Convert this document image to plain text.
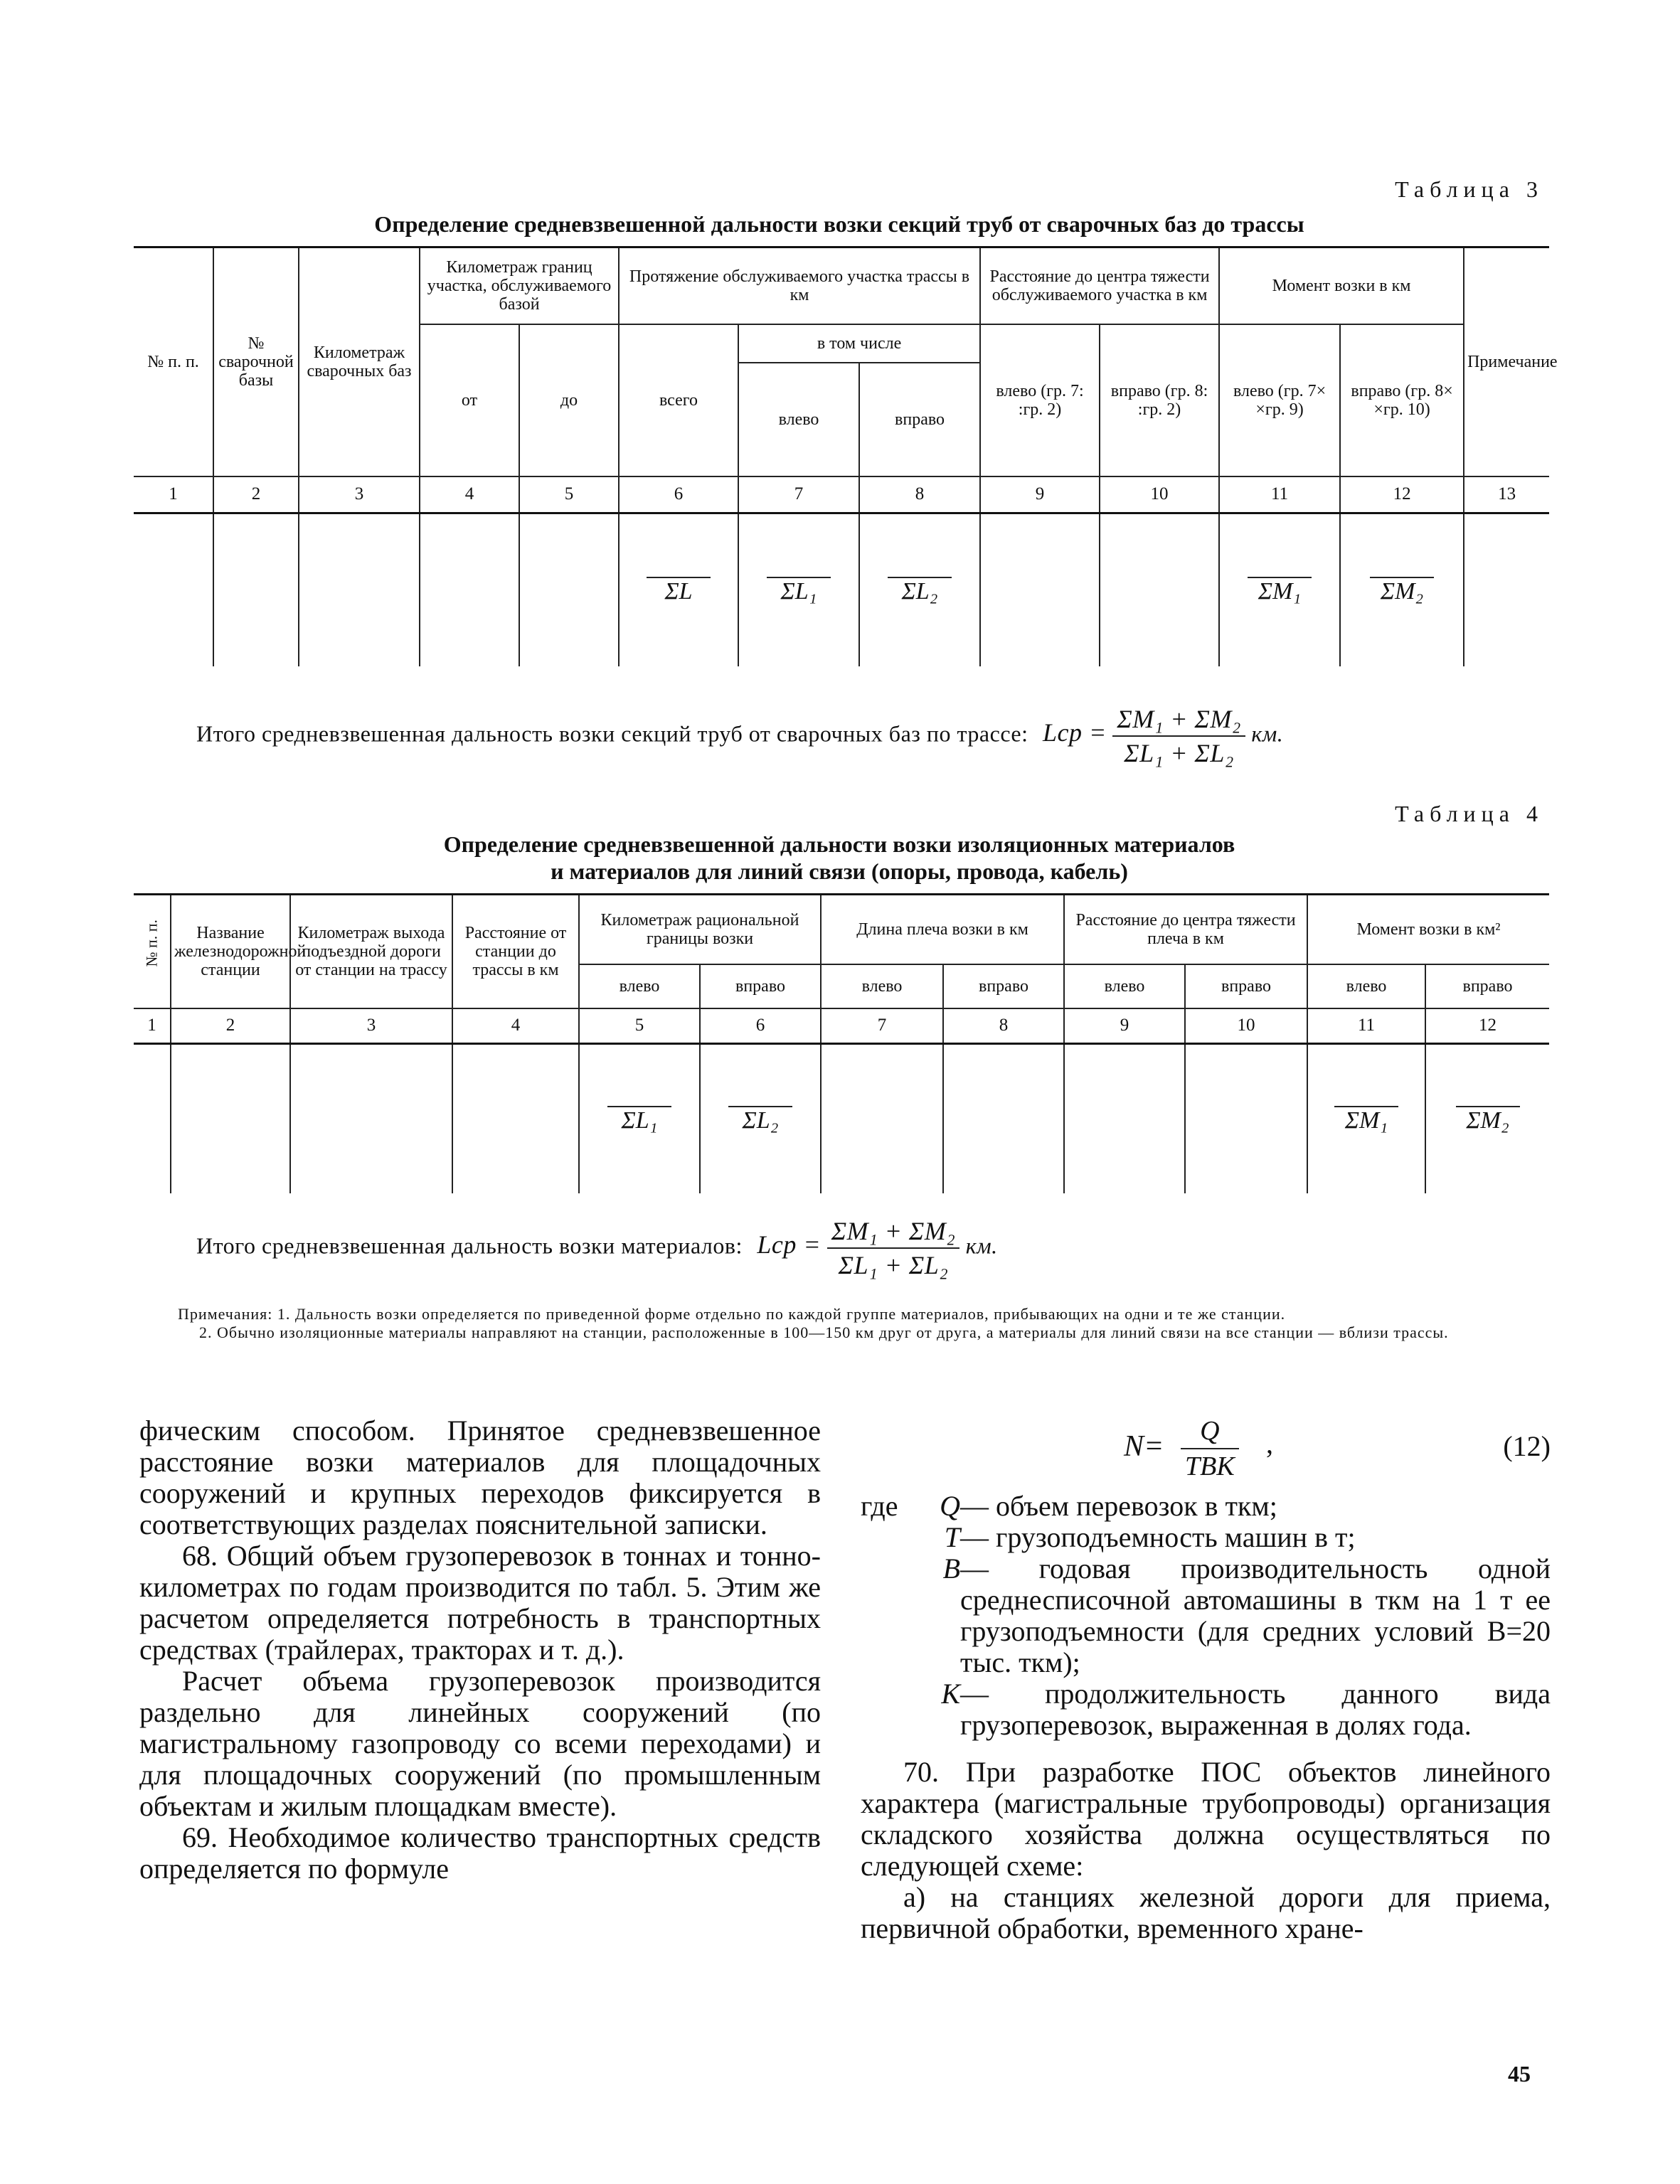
Таблица 3
Определение средневзвешенной дальности возки секций труб от сварочных баз до трассы
№ п. п.	№ сварочной базы	Километраж сварочных баз	Километраж границ участка, обслуживаемого базой		Протяжение обслуживаемого участка трассы в км			Расстояние до центра тяжести обслуживаемого участка в км		Момент возки в км		Примечание
			от	до	всего	в том числе		влево (гр. 7: :гр. 2)	вправо (гр. 8: :гр. 2)	влево (гр. 7× ×гр. 9)	вправо (гр. 8× ×гр. 10)	
						влево	вправо					
1	2	3	4	5	6	7	8	9	10	11	12	13
					ΣL	ΣL₁	ΣL₂			ΣM₁	ΣM₂	
Итого средневзвешенная дальность возки секций труб от сварочных баз по трассе: Lср = $\frac{\text{ΣM₁ + ΣM₂}}{\text{ΣL₁ + ΣL₂}}$ км.
Таблица 4
Определение средневзвешенной дальности возки изоляционных материалов
и материалов для линий связи (опоры, провода, кабель)
№ п. п.	Название железнодорожной станции	Километраж выхода подъездной дороги от станции на трассу	Расстояние от станции до трассы в км	Километраж рациональной границы возки		Длина плеча возки в км		Расстояние до центра тяжести плеча в км		Момент возки в км²	
				влево	вправо	влево	вправо	влево	вправо	влево	вправо
1	2	3	4	5	6	7	8	9	10	11	12
				ΣL₁	ΣL₂					ΣM₁	ΣM₂
Итого средневзвешенная дальность возки материалов: Lср = $\frac{\text{ΣM₁ + ΣM₂}}{\text{ΣL₁ + ΣL₂}}$ км.
Примечания: 1. Дальность возки определяется по приведенной форме отдельно по каждой группе материалов, прибывающих на одни и те же станции.
2. Обычно изоляционные материалы направляют на станции, расположенные в 100—150 км друг от друга, а материалы для линий связи на все станции — вблизи трассы.

фическим способом. Принятое средневзвешенное расстояние возки материалов для площадочных сооружений и крупных переходов фиксируется в соответствующих разделах пояснительной записки.

68. Общий объем грузоперевозок в тоннах и тонно-километрах по годам производится по табл. 5. Этим же расчетом определяется потребность в транспортных средствах (трайлерах, тракторах и т. д.).

Расчет объема грузоперевозок производится раздельно для линейных сооружений (по магистральному газопроводу со всеми переходами) и для площадочных сооружений (по промышленным объектам и жилым площадкам вместе).

69. Необходимое количество транспортных средств определяется по формуле

N=	Q
TBK
,	(12)
где	Q	— объем перевозок в ткм;
	T	— грузоподъемность машин в т;
	B	— годовая производительность одной среднесписочной автомашины в ткм на 1 т ее грузоподъемности (для средних условий B=20 тыс. ткм);
	K	— продолжительность данного вида грузоперевозок, выраженная в долях года.

70. При разработке ПОС объектов линейного характера (магистральные трубопроводы) организация складского хозяйства должна осуществляться по следующей схеме:

а) на станциях железной дороги для приема, первичной обработки, временного хране-

45
